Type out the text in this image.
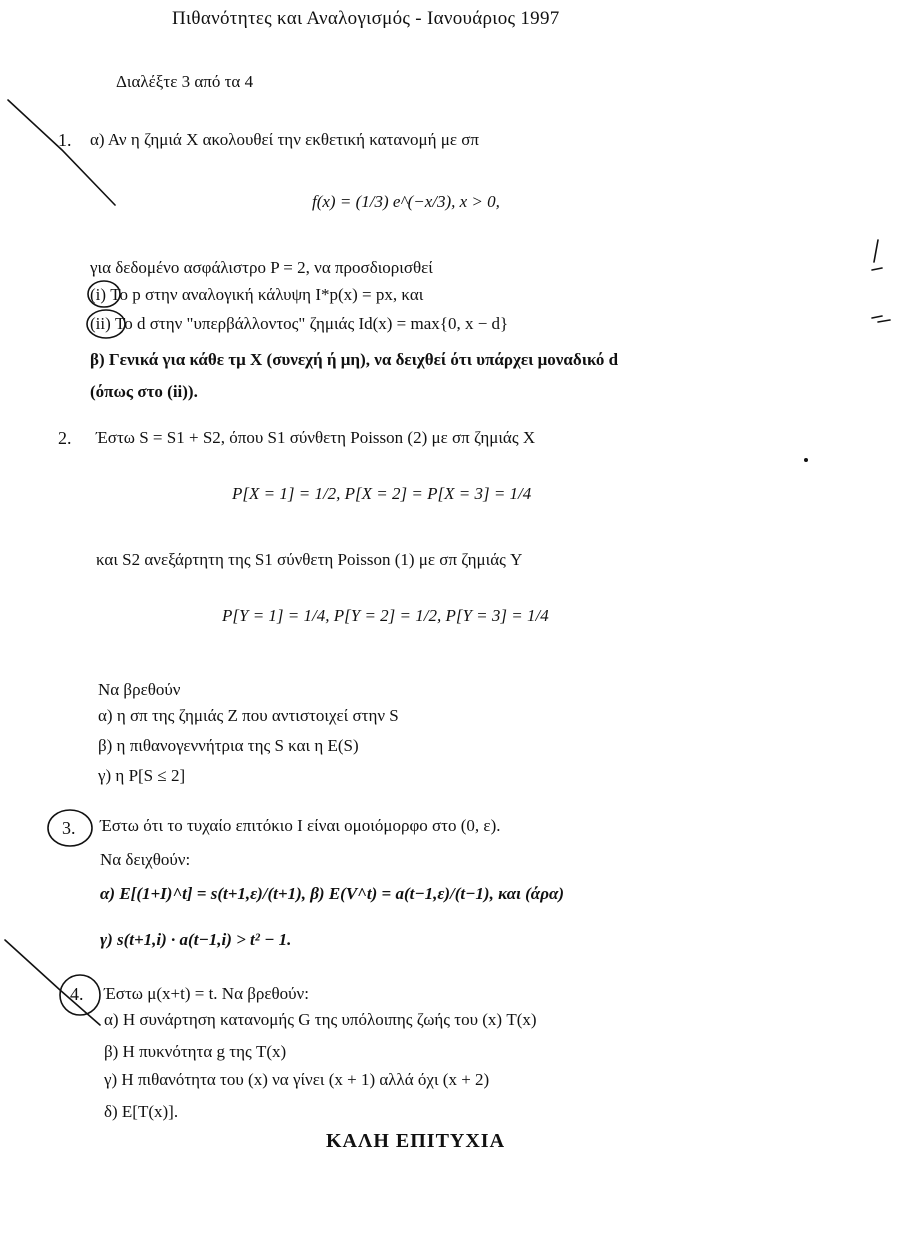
Πιθανότητες και Αναλογισμός - Ιανουάριος 1997
Διαλέξτε 3 από τα 4
1. α) Αν η ζημιά X ακολουθεί την εκθετική κατανομή με σπ
f(x) = (1/3) e^(−x/3), x > 0,
για δεδομένο ασφάλιστρο P = 2, να προσδιορισθεί
(i) Το p στην αναλογική κάλυψη I*p(x) = px, και
(ii) Το d στην "υπερβάλλοντος" ζημιάς Id(x) = max{0, x − d}
β) Γενικά για κάθε τμ X (συνεχή ή μη), να δειχθεί ότι υπάρχει μοναδικό d
(όπως στο (ii)).
2. Έστω S = S1 + S2, όπου S1 σύνθετη Poisson (2) με σπ ζημιάς X
P[X = 1] = 1/2, P[X = 2] = P[X = 3] = 1/4
και S2 ανεξάρτητη της S1 σύνθετη Poisson (1) με σπ ζημιάς Y
P[Y = 1] = 1/4, P[Y = 2] = 1/2, P[Y = 3] = 1/4
Να βρεθούν
α) η σπ της ζημιάς Z που αντιστοιχεί στην S
β) η πιθανογεννήτρια της S και η E(S)
γ) η P[S ≤ 2]
3. Έστω ότι το τυχαίο επιτόκιο I είναι ομοιόμορφο στο (0, ε).
Να δειχθούν:
α) E[(1+I)^t] = s(t+1,ε)/(t+1), β) E(V^t) = a(t−1,ε)/(t−1), και (άρα)
γ) s(t+1,i) · a(t−1,i) > t² − 1.
4. Έστω μ(x+t) = t. Να βρεθούν:
α) Η συνάρτηση κατανομής G της υπόλοιπης ζωής του (x) T(x)
β) Η πυκνότητα g της T(x)
γ) Η πιθανότητα του (x) να γίνει (x + 1) αλλά όχι (x + 2)
δ) E[T(x)].
ΚΑΛΗ ΕΠΙΤΥΧΙΑ
